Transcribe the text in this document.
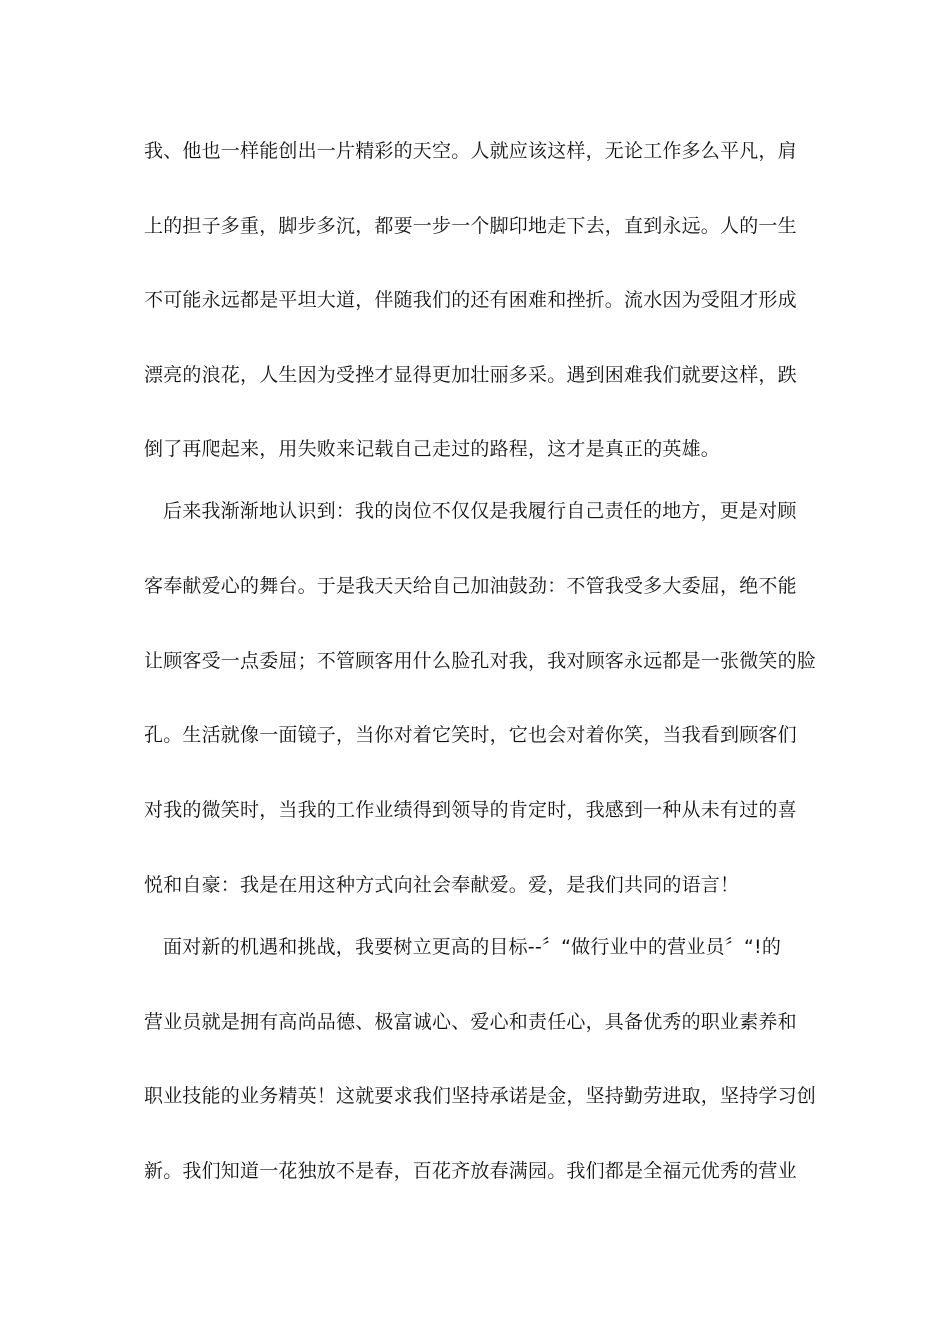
我、他也一样能创出一片精彩的天空。人就应该这样，无论工作多么平凡，肩
上的担子多重，脚步多沉，都要一步一个脚印地走下去，直到永远。人的一生
不可能永远都是平坦大道，伴随我们的还有困难和挫折。流水因为受阻才形成
漂亮的浪花，人生因为受挫才显得更加壮丽多采。遇到困难我们就要这样，跌
倒了再爬起来，用失败来记载自己走过的路程，这才是真正的英雄。
后来我渐渐地认识到：我的岗位不仅仅是我履行自己责任的地方，更是对顾
客奉献爱心的舞台。于是我天天给自己加油鼓劲：不管我受多大委屈，绝不能
让顾客受一点委屈；不管顾客用什么脸孔对我，我对顾客永远都是一张微笑的脸
孔。生活就像一面镜子，当你对着它笑时，它也会对着你笑，当我看到顾客们
对我的微笑时，当我的工作业绩得到领导的肯定时，我感到一种从未有过的喜
悦和自豪：我是在用这种方式向社会奉献爱。爱，是我们共同的语言！
面对新的机遇和挑战，我要树立更高的目标--〞“做行业中的营业员〞“!的
营业员就是拥有高尚品德、极富诚心、爱心和责任心，具备优秀的职业素养和
职业技能的业务精英！这就要求我们坚持承诺是金，坚持勤劳进取，坚持学习创
新。我们知道一花独放不是春，百花齐放春满园。我们都是全福元优秀的营业
